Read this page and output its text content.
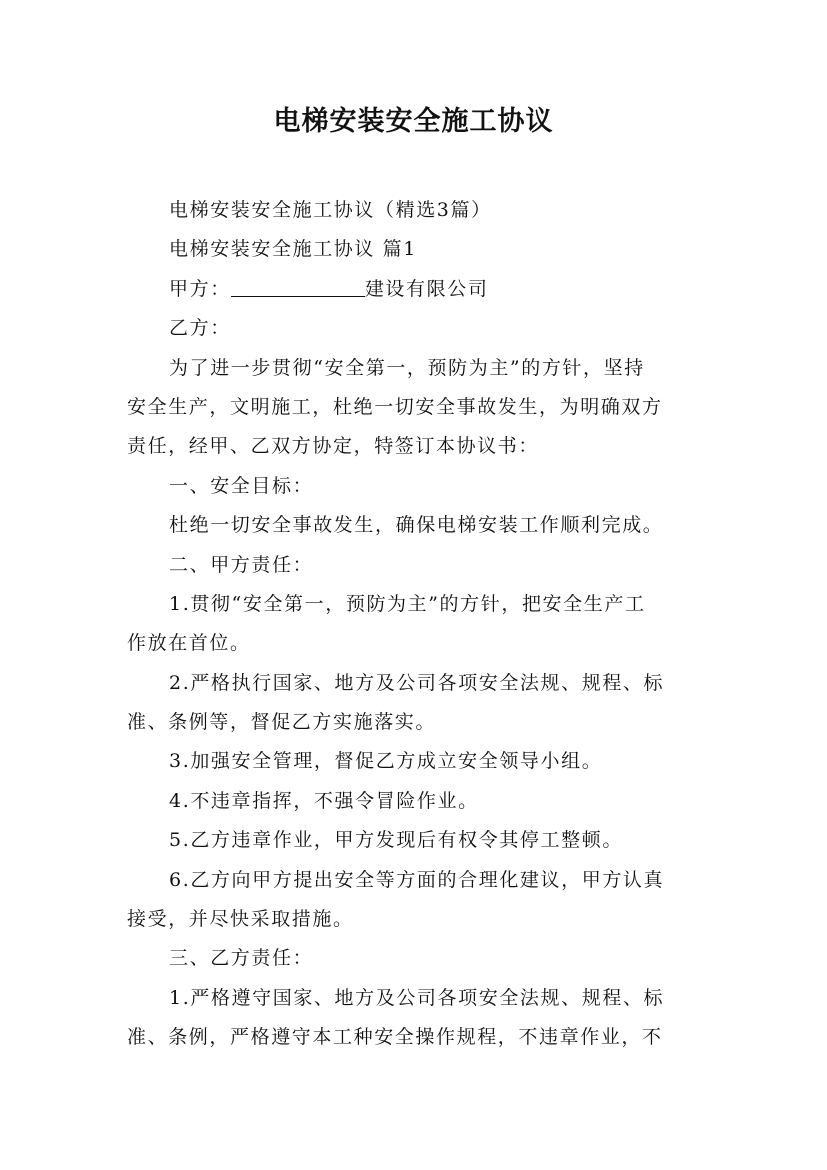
电梯安装安全施工协议

电梯安装安全施工协议（精选3篇）

电梯安装安全施工协议 篇1

甲方：	建设有限公司

乙方：

为了进一步贯彻“安全第一，预防为主”的方针，坚持

安全生产，文明施工，杜绝一切安全事故发生，为明确双方

责任，经甲、乙双方协定，特签订本协议书：

一、安全目标：

杜绝一切安全事故发生，确保电梯安装工作顺利完成。

二、甲方责任：

1.贯彻“安全第一，预防为主”的方针，把安全生产工

作放在首位。

2.严格执行国家、地方及公司各项安全法规、规程、标

准、条例等，督促乙方实施落实。

3.加强安全管理，督促乙方成立安全领导小组。

4.不违章指挥，不强令冒险作业。

5.乙方违章作业，甲方发现后有权令其停工整顿。

6.乙方向甲方提出安全等方面的合理化建议，甲方认真

接受，并尽快采取措施。

三、乙方责任：

1.严格遵守国家、地方及公司各项安全法规、规程、标

准、条例，严格遵守本工种安全操作规程，不违章作业，不
